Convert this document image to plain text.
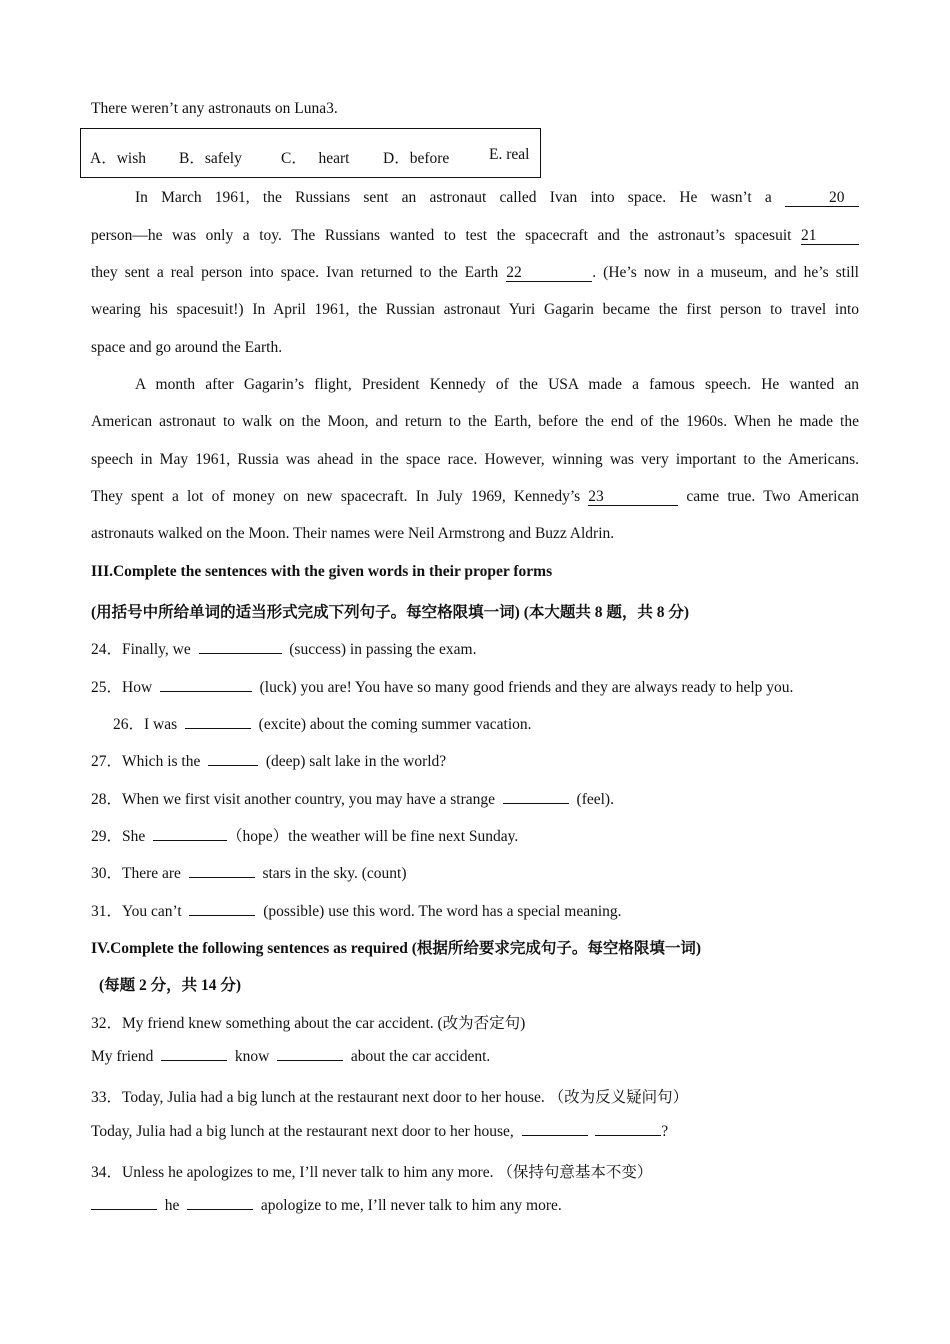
There weren’t any astronauts on Luna3.
A．wish B．safely	C． heart D．before	E. real
In March 1961, the Russians sent an astronaut called Ivan into space. He wasn’t a	20
person—he was only a toy. The Russians wanted to test the spacecraft and the astronaut’s spacesuit 21
they sent a real person into space. Ivan returned to the Earth 22	. (He’s now in a museum, and he’s still
wearing his spacesuit!) In April 1961, the Russian astronaut Yuri Gagarin became the first person to travel into
space and go around the Earth.
A month after Gagarin’s flight, President Kennedy of the USA made a famous speech. He wanted an
American astronaut to walk on the Moon, and return to the Earth, before the end of the 1960s. When he made the
speech in May 1961, Russia was ahead in the space race. However, winning was very important to the Americans.
They spent a lot of money on new spacecraft. In July 1969, Kennedy’s 23	came true. Two American
astronauts walked on the Moon. Their names were Neil Armstrong and Buzz Aldrin.
III.Complete the sentences with the given words in their proper forms
(用括号中所给单词的适当形式完成下列句子。每空格限填一词) (本大题共 8 题，共 8 分)
24．Finally, we	(success) in passing the exam.
25．How	(luck) you are! You have so many good friends and they are always ready to help you.
26．I was	(excite) about the coming summer vacation.
27．Which is the	(deep) salt lake in the world?
28．When we first visit another country, you may have a strange	(feel).
29．She	（hope）the weather will be fine next Sunday.
30．There are	stars in the sky. (count)
31．You can’t	(possible) use this word. The word has a special meaning.
IV.Complete the following sentences as required (根据所给要求完成句子。每空格限填一词)
(每题 2 分，共 14 分)
32．My friend knew something about the car accident. (改为否定句)
My friend	know	about the car accident.
33．Today, Julia had a big lunch at the restaurant next door to her house. （改为反义疑问句）
Today, Julia had a big lunch at the restaurant next door to her house,	?
34．Unless he apologizes to me, I’ll never talk to him any more. （保持句意基本不变）
he	apologize to me, I’ll never talk to him any more.
